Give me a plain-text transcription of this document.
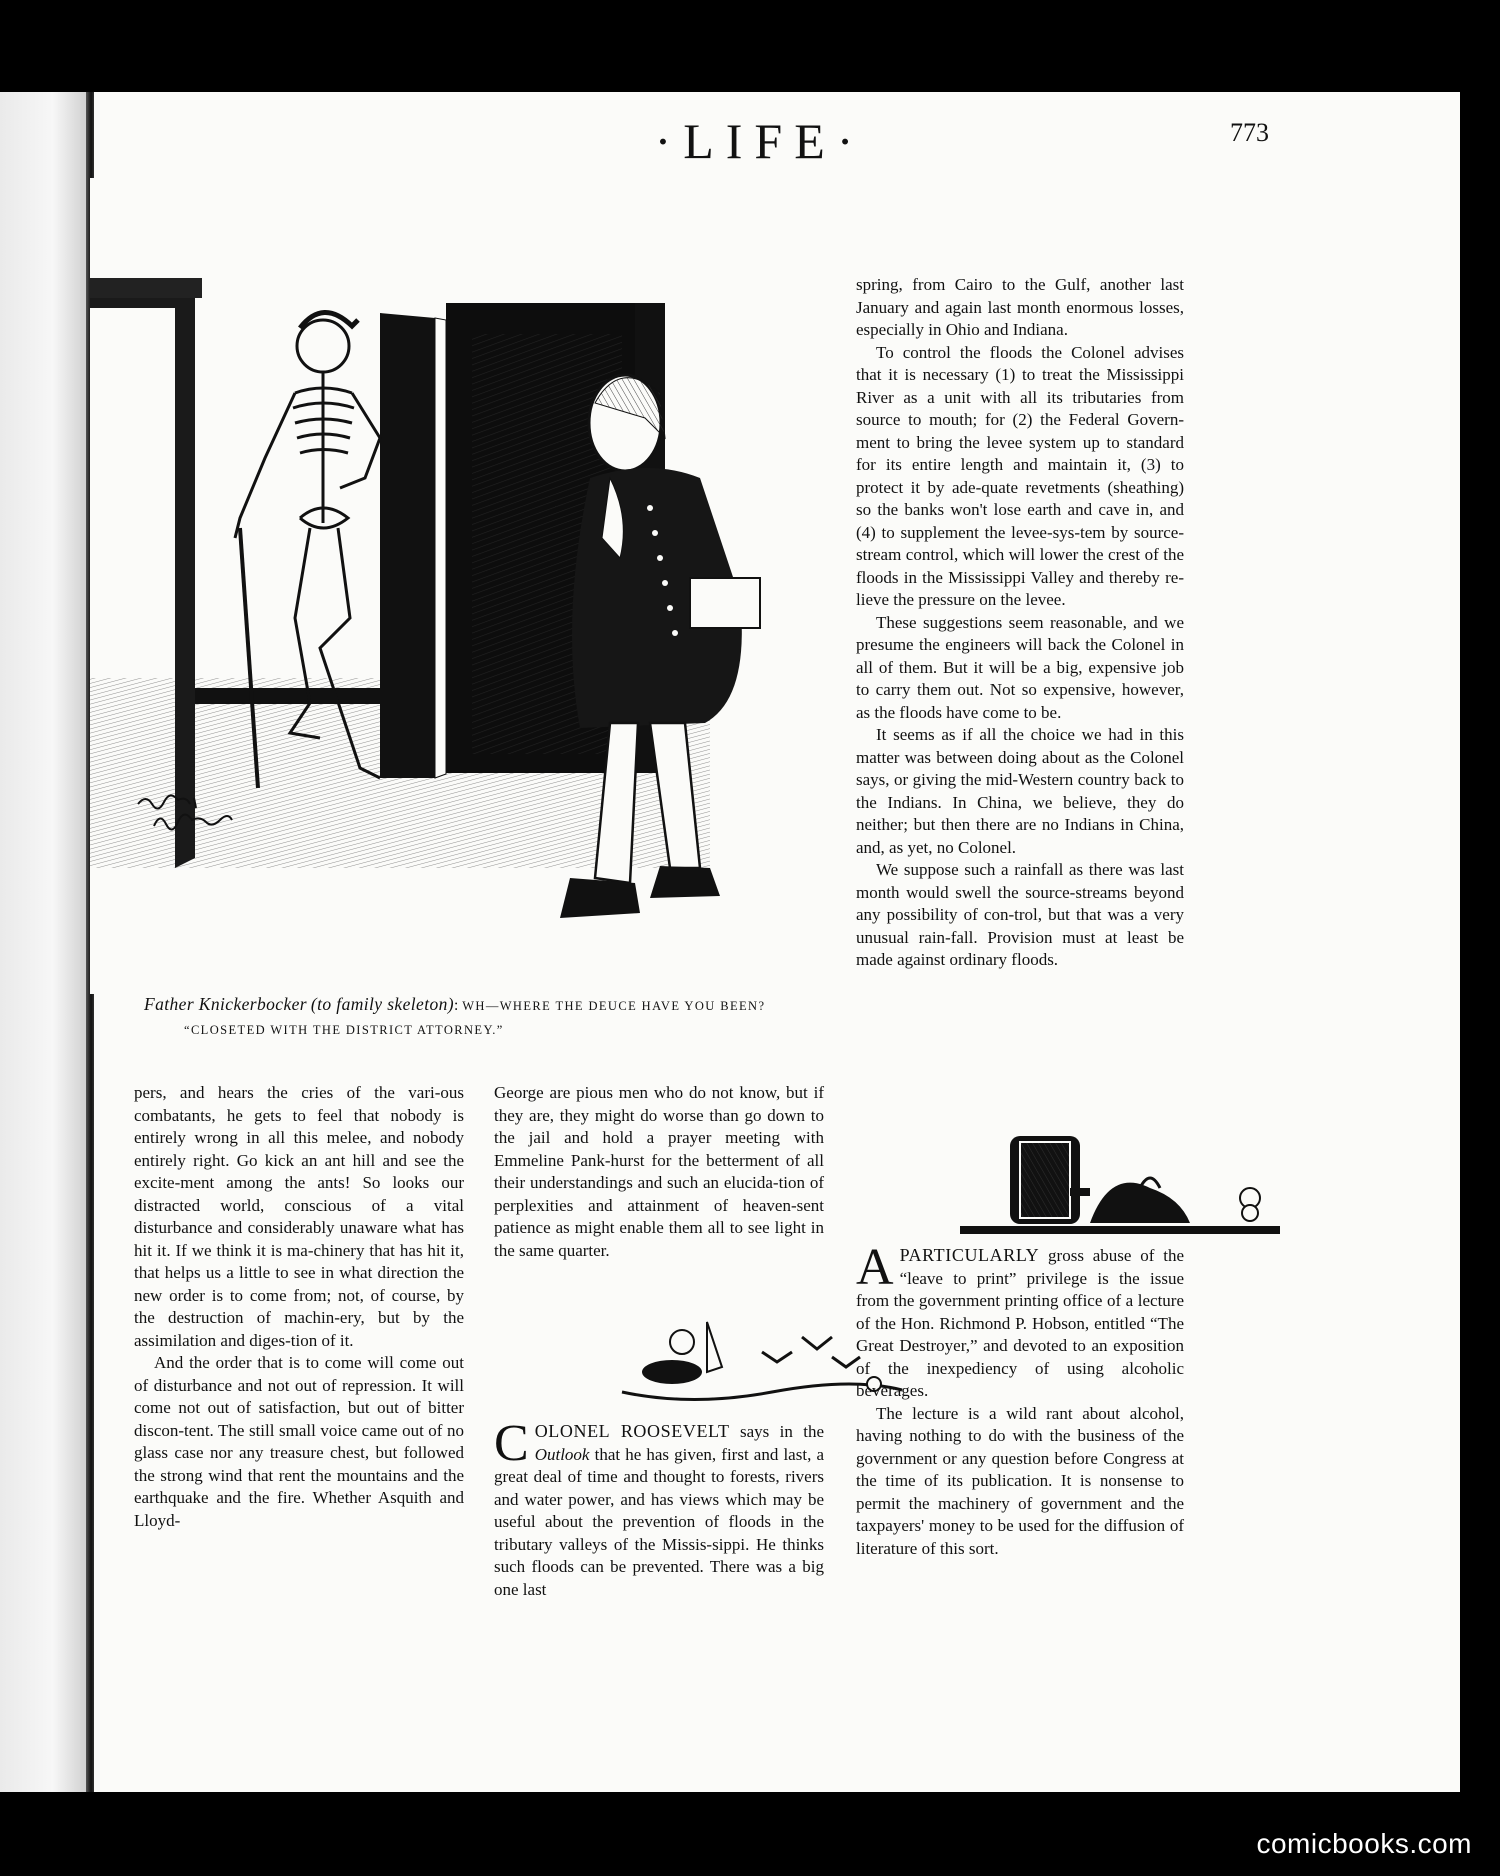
·LIFE·	773
Father Knickerbocker (to family skeleton): WH—WHERE THE DEUCE HAVE YOU BEEN?
“CLOSETED WITH THE DISTRICT ATTORNEY.”

pers, and hears the cries of the vari-ous combatants, he gets to feel that nobody is entirely wrong in all this melee, and nobody entirely right. Go kick an ant hill and see the excite-ment among the ants! So looks our distracted world, conscious of a vital disturbance and considerably unaware what has hit it. If we think it is ma-chinery that has hit it, that helps us a little to see in what direction the new order is to come from; not, of course, by the destruction of machin-ery, but by the assimilation and diges-tion of it.

And the order that is to come will come out of disturbance and not out of repression. It will come not out of satisfaction, but out of bitter discon-tent. The still small voice came out of no glass case nor any treasure chest, but followed the strong wind that rent the mountains and the earthquake and the fire. Whether Asquith and Lloyd-

George are pious men who do not know, but if they are, they might do worse than go down to the jail and hold a prayer meeting with Emmeline Pank-hurst for the betterment of all their understandings and such an elucida-tion of perplexities and attainment of heaven-sent patience as might enable them all to see light in the same quarter.

COLONEL ROOSEVELT says in the Outlook that he has given, first and last, a great deal of time and thought to forests, rivers and water power, and has views which may be useful about the prevention of floods in the tributary valleys of the Missis-sippi. He thinks such floods can be prevented. There was a big one last

spring, from Cairo to the Gulf, another last January and again last month enormous losses, especially in Ohio and Indiana.

To control the floods the Colonel advises that it is necessary (1) to treat the Mississippi River as a unit with all its tributaries from source to mouth; for (2) the Federal Govern-ment to bring the levee system up to standard for its entire length and maintain it, (3) to protect it by ade-quate revetments (sheathing) so the banks won't lose earth and cave in, and (4) to supplement the levee-sys-tem by source-stream control, which will lower the crest of the floods in the Mississippi Valley and thereby re-lieve the pressure on the levee.

These suggestions seem reasonable, and we presume the engineers will back the Colonel in all of them. But it will be a big, expensive job to carry them out. Not so expensive, however, as the floods have come to be.

It seems as if all the choice we had in this matter was between doing about as the Colonel says, or giving the mid-Western country back to the Indians. In China, we believe, they do neither; but then there are no Indians in China, and, as yet, no Colonel.

We suppose such a rainfall as there was last month would swell the source-streams beyond any possibility of con-trol, but that was a very unusual rain-fall. Provision must at least be made against ordinary floods.

A PARTICULARLY gross abuse of the “leave to print” privilege is the issue from the government printing office of a lecture of the Hon. Richmond P. Hobson, entitled “The Great Destroyer,” and devoted to an exposition of the inexpediency of using alcoholic beverages.

The lecture is a wild rant about alcohol, having nothing to do with the business of the government or any question before Congress at the time of its publication. It is nonsense to permit the machinery of government and the taxpayers' money to be used for the diffusion of literature of this sort.

comicbooks.com
